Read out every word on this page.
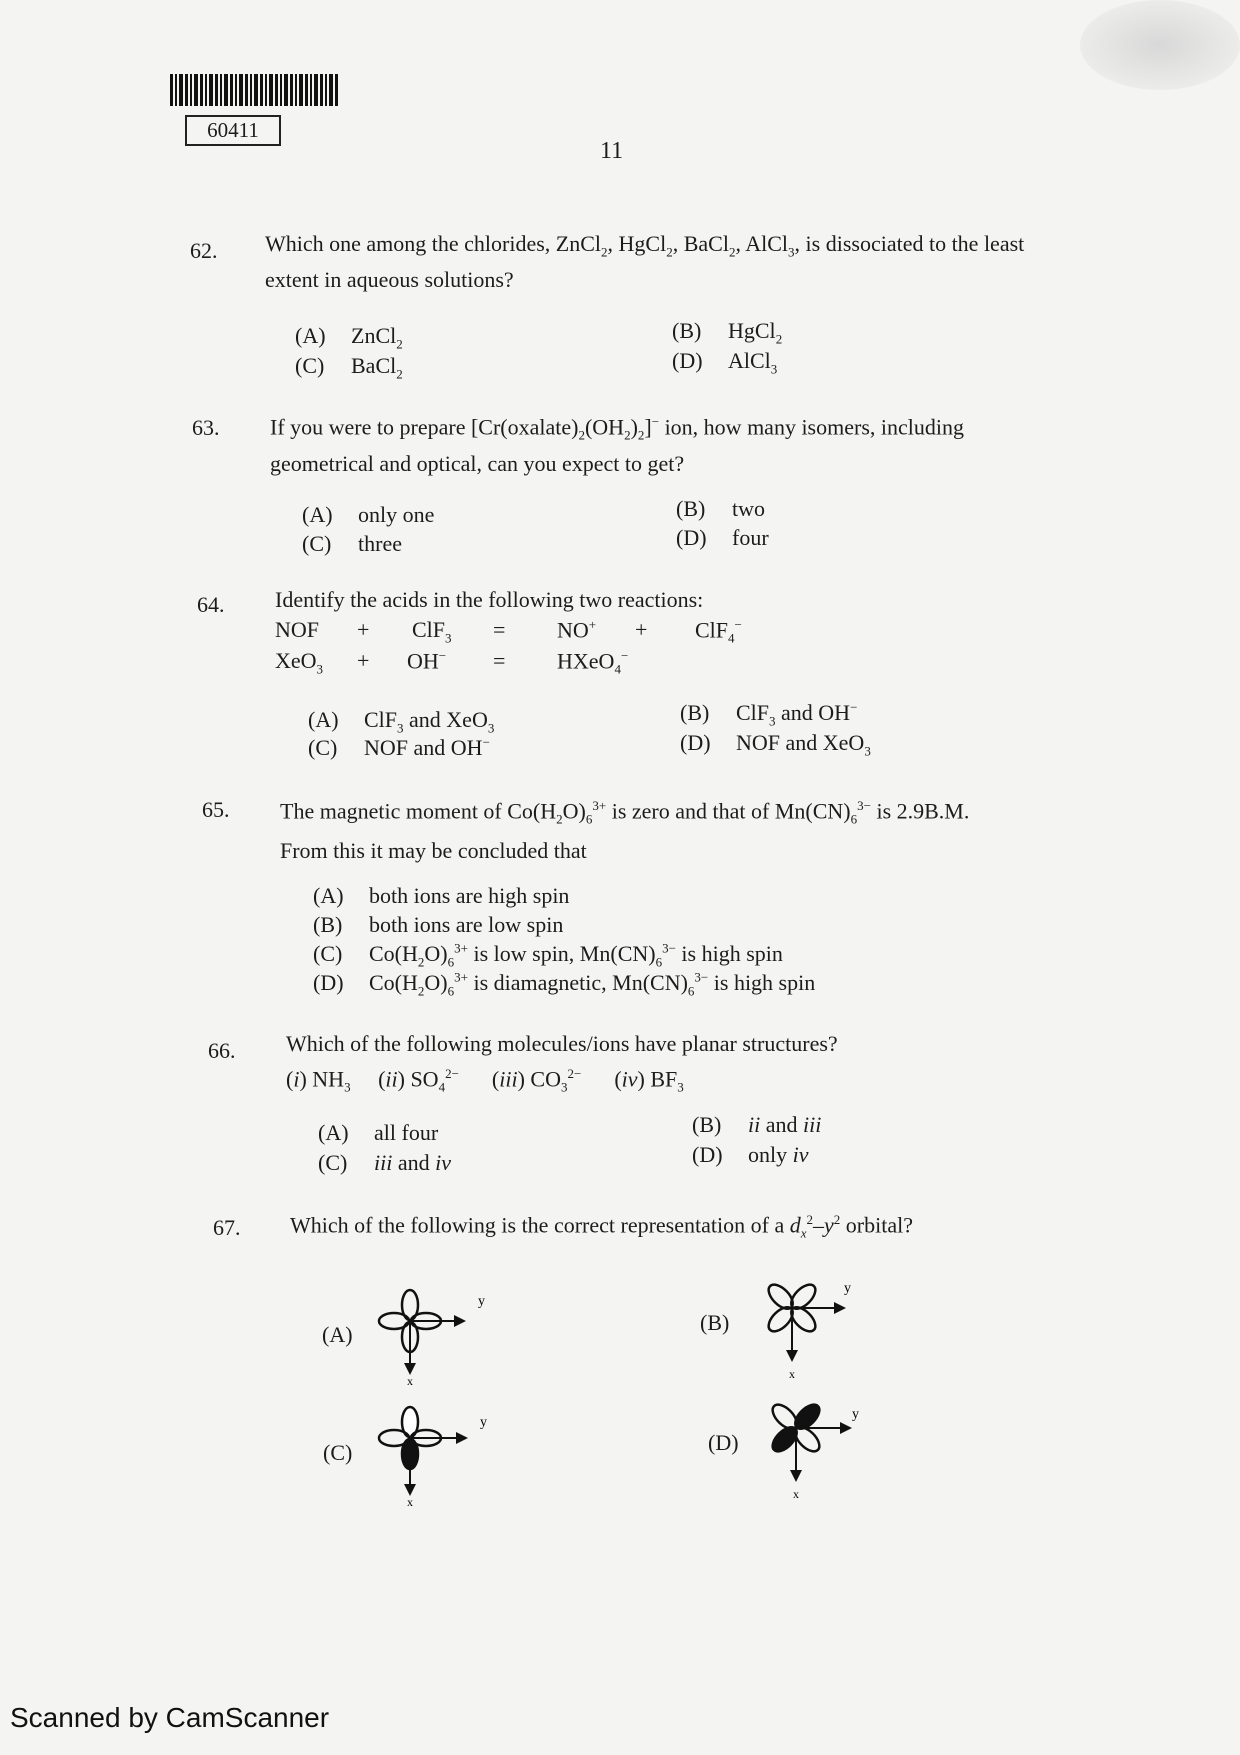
60411
11
62. Which one among the chlorides, ZnCl$_2$, HgCl$_2$, BaCl$_2$, AlCl$_3$, is dissociated to the least extent in aqueous solutions?
(A) ZnCl$_2$
(B) HgCl$_2$
(C) BaCl$_2$
(D) AlCl$_3$
63. If you were to prepare $[Cr(oxalate)_2(OH_2)_2]^-$ ion, how many isomers, including geometrical and optical, can you expect to get?
(A) only one	(B) two
(C) three	(D) four
64. Identify the acids in the following two reactions:
NOF + ClF$_3$ = NO+ + ClF$_4$−
XeO$_3$ + OH− = HXeO$_4$−
(A) ClF$_3$ and XeO$_3$
(B) ClF$_3$ and OH−
(C) NOF and OH−	(D) NOF and XeO$_3$
65. The magnetic moment of $Co(H_2O)_6^{3+}$ is zero and that of $Mn(CN)_6^{3-}$ is 2.9B.M.
From this it may be concluded that
(A) both ions are high spin
(B) both ions are low spin
(C) $Co(H_2O)_6^{3+}$ is low spin, $Mn(CN)_6^{3-}$ is high spin
(D) $Co(H_2O)_6^{3+}$ is diamagnetic, $Mn(CN)_6^{3-}$ is high spin
66. Which of the following molecules/ions have planar structures?
(i) $NH_3$     (ii) $SO_4^{2-}$      (iii) $CO_3^{2-}$      (iv) $BF_3$
(A) all four	(B) ii and iii
(C) iii and iv	(D) only iv
67. Which of the following is the correct representation of a $d_x^2-y^2$ orbital?
(A)
y
x
(B)
y
x
(C)
y
x
(D)
y
x
Scanned by CamScanner
